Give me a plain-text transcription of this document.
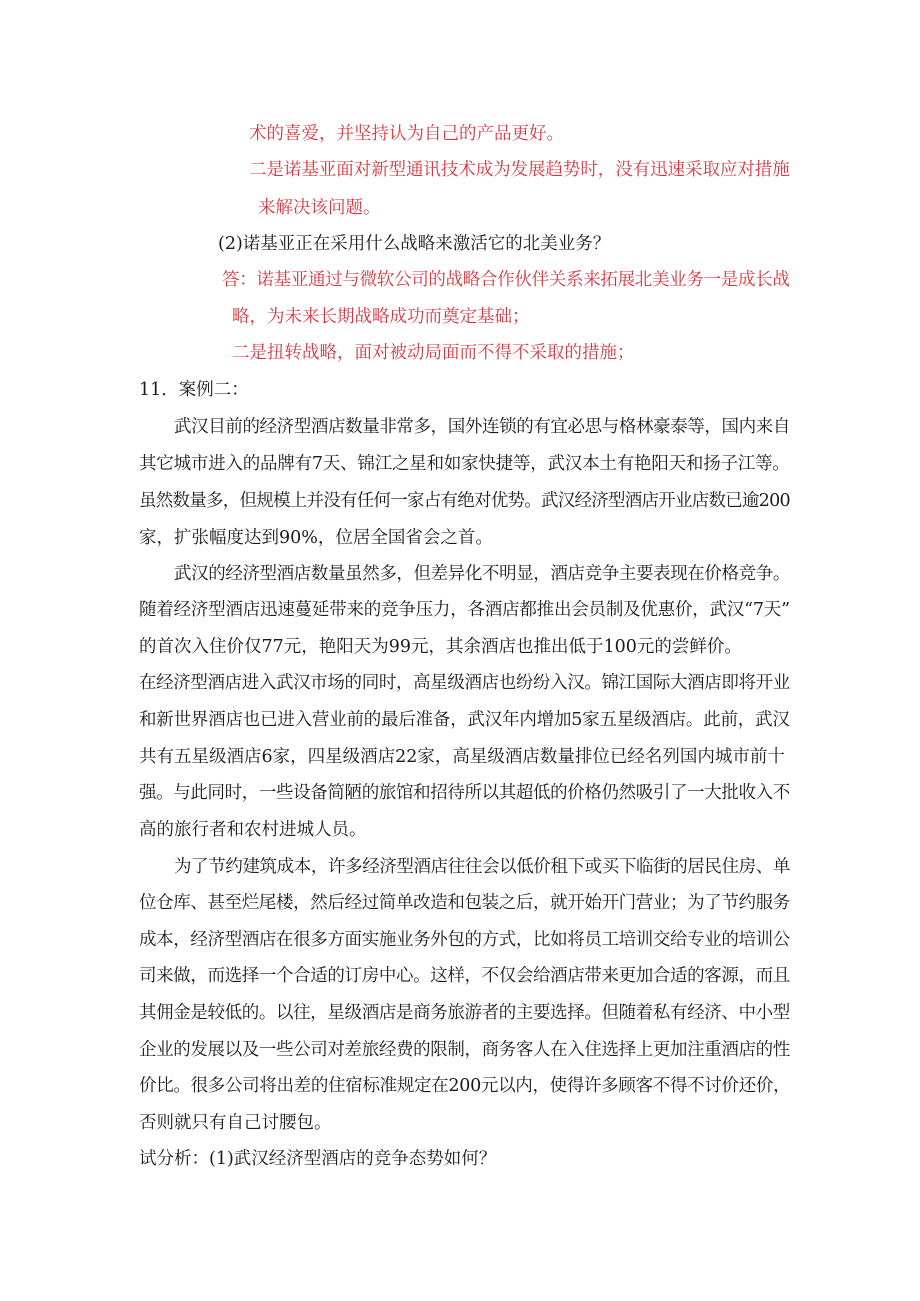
术的喜爱，并坚持认为自己的产品更好。
二是诺基亚面对新型通讯技术成为发展趋势时，没有迅速采取应对措施
来解决该问题。
(2)诺基亚正在采用什么战略来激活它的北美业务？
答：诺基亚通过与微软公司的战略合作伙伴关系来拓展北美业务一是成长战
略，为未来长期战略成功而奠定基础；
二是扭转战略，面对被动局面而不得不采取的措施；
11．案例二：
武汉目前的经济型酒店数量非常多，国外连锁的有宜必思与格林豪泰等，国内来自
其它城市进入的品牌有7天、锦江之星和如家快捷等，武汉本土有艳阳天和扬子江等。
虽然数量多，但规模上并没有任何一家占有绝对优势。武汉经济型酒店开业店数已逾200
家，扩张幅度达到90%，位居全国省会之首。
武汉的经济型酒店数量虽然多，但差异化不明显，酒店竞争主要表现在价格竞争。
随着经济型酒店迅速蔓延带来的竞争压力，各酒店都推出会员制及优惠价，武汉“7天”
的首次入住价仅77元，艳阳天为99元，其余酒店也推出低于100元的尝鲜价。
在经济型酒店进入武汉市场的同时，高星级酒店也纷纷入汉。锦江国际大酒店即将开业
和新世界酒店也已进入营业前的最后准备，武汉年内增加5家五星级酒店。此前，武汉
共有五星级酒店6家，四星级酒店22家，高星级酒店数量排位已经名列国内城市前十
强。与此同时，一些设备简陋的旅馆和招待所以其超低的价格仍然吸引了一大批收入不
高的旅行者和农村进城人员。
为了节约建筑成本，许多经济型酒店往往会以低价租下或买下临街的居民住房、单
位仓库、甚至烂尾楼，然后经过简单改造和包装之后，就开始开门营业；为了节约服务
成本，经济型酒店在很多方面实施业务外包的方式，比如将员工培训交给专业的培训公
司来做，而选择一个合适的订房中心。这样，不仅会给酒店带来更加合适的客源，而且
其佣金是较低的。以往，星级酒店是商务旅游者的主要选择。但随着私有经济、中小型
企业的发展以及一些公司对差旅经费的限制，商务客人在入住选择上更加注重酒店的性
价比。很多公司将出差的住宿标准规定在200元以内，使得许多顾客不得不讨价还价，
否则就只有自己讨腰包。
试分析：(1)武汉经济型酒店的竞争态势如何？
